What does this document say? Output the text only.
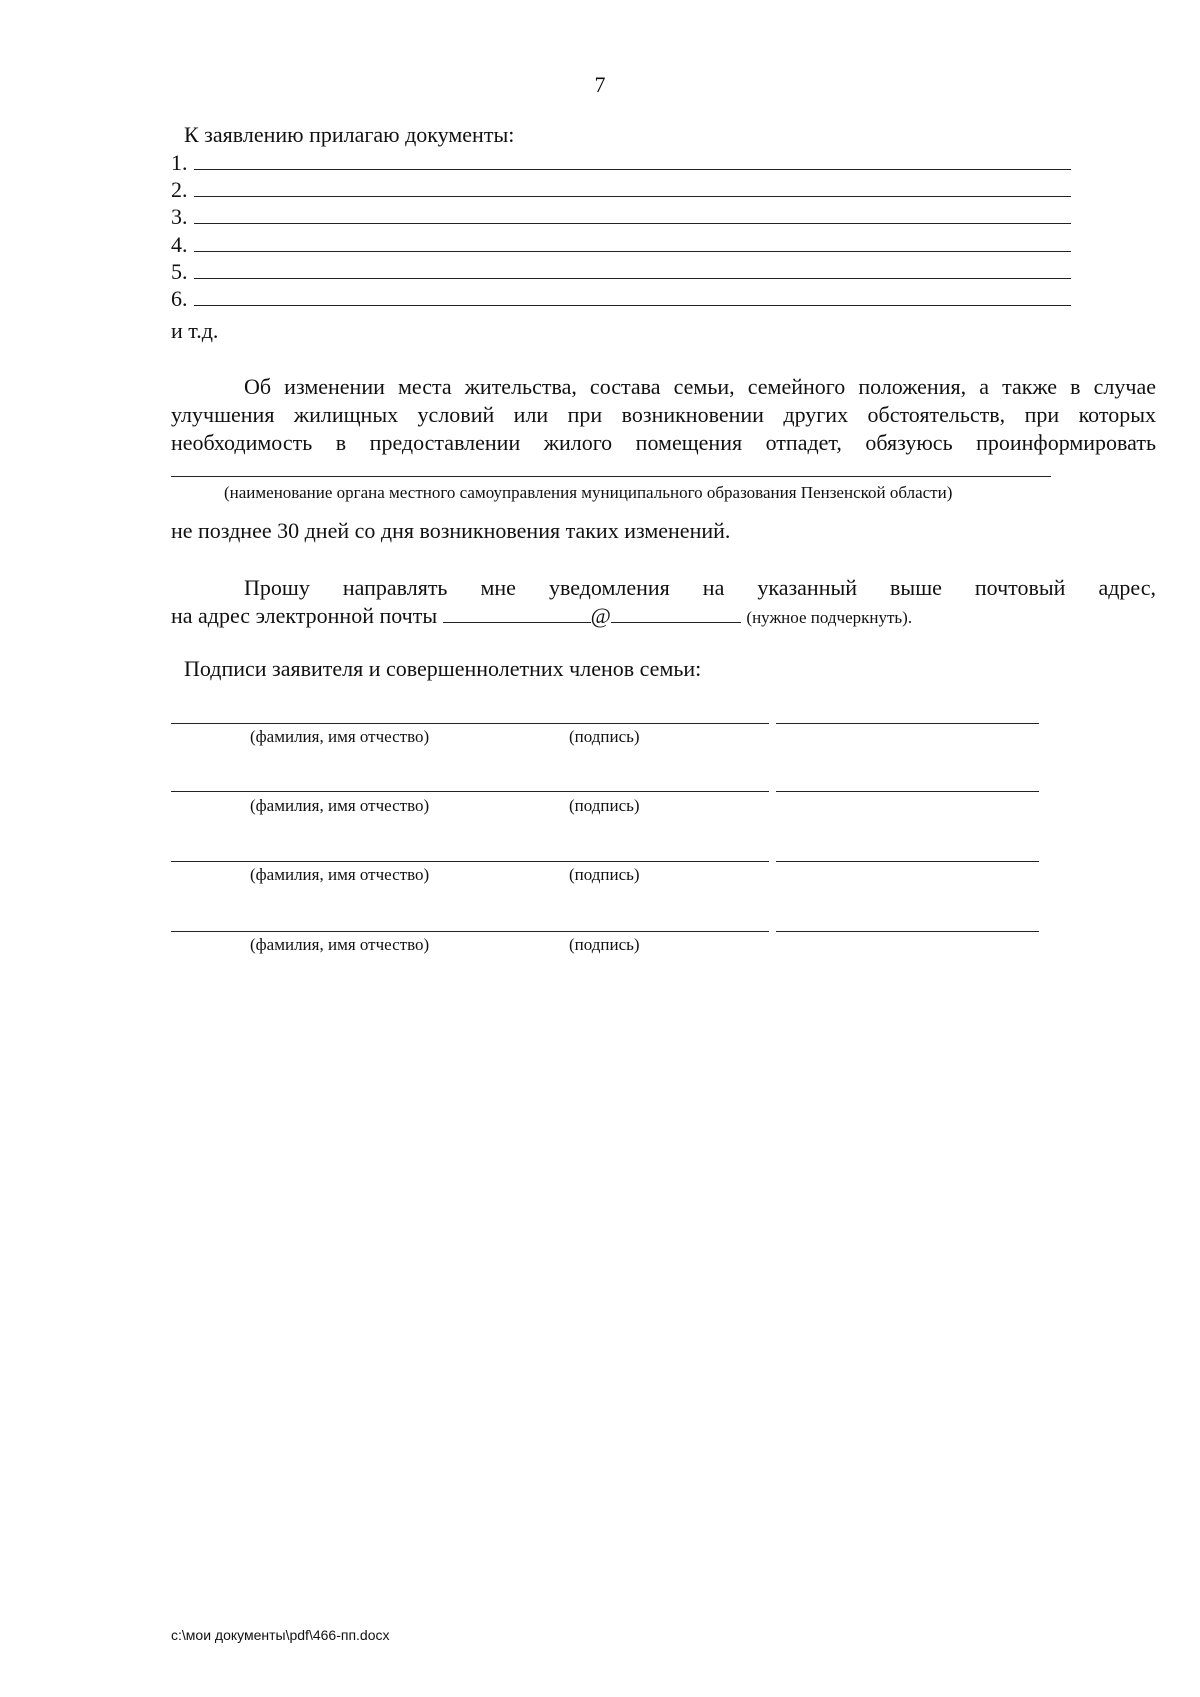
7
К заявлению прилагаю документы:
1.
2.
3.
4.
5.
6.
и т.д.
Об изменении места жительства, состава семьи, семейного положения, а также в случае
улучшения жилищных условий или при возникновении других обстоятельств, при которых
необходимость в предоставлении жилого помещения отпадет, обязуюсь проинформировать
(наименование органа местного самоуправления муниципального образования Пензенской области)
не позднее 30 дней со дня возникновения таких изменений.
Прошу направлять мне уведомления на указанный выше почтовый адрес,
на адрес электронной почты	@	(нужное подчеркнуть).
Подписи заявителя и совершеннолетних членов семьи:
(фамилия, имя отчество)	(подпись)
(фамилия, имя отчество)	(подпись)
(фамилия, имя отчество)	(подпись)
(фамилия, имя отчество)	(подпись)
c:\мои документы\pdf\466-пп.docx
